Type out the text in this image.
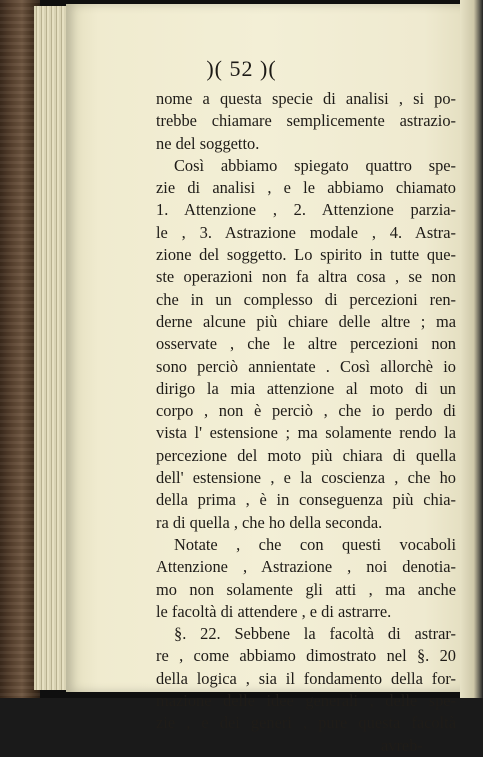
)( 52 )(
nome a questa specie di analisi , si po-
trebbe chiamare semplicemente astrazio-
ne del soggetto.
Così abbiamo spiegato quattro spe-
zie di analisi , e le abbiamo chiamato
1. Attenzione , 2. Attenzione parzia-
le , 3. Astrazione modale , 4. Astra-
zione del soggetto. Lo spirito in tutte que-
ste operazioni non fa altra cosa , se non
che in un complesso di percezioni ren-
derne alcune più chiare delle altre ; ma
osservate , che le altre percezioni non
sono perciò annientate . Così allorchè io
dirigo la mia attenzione al moto di un
corpo , non è perciò , che io perdo di
vista l' estensione ; ma solamente rendo la
percezione del moto più chiara di quella
dell' estensione , e la coscienza , che ho
della prima , è in conseguenza più chia-
ra di quella , che ho della seconda.
Notate , che con questi vocaboli
Attenzione , Astrazione , noi denotia-
mo non solamente gli atti , ma anche
le facoltà di attendere , e di astrarre.
§. 22. Sebbene la facoltà di astrar-
re , come abbiamo dimostrato nel §. 20
della logica , sia il fondamento della for-
mazione delle idee generali , delle spe-
zie , e dei generi , pure questa facoltà
avreb-
